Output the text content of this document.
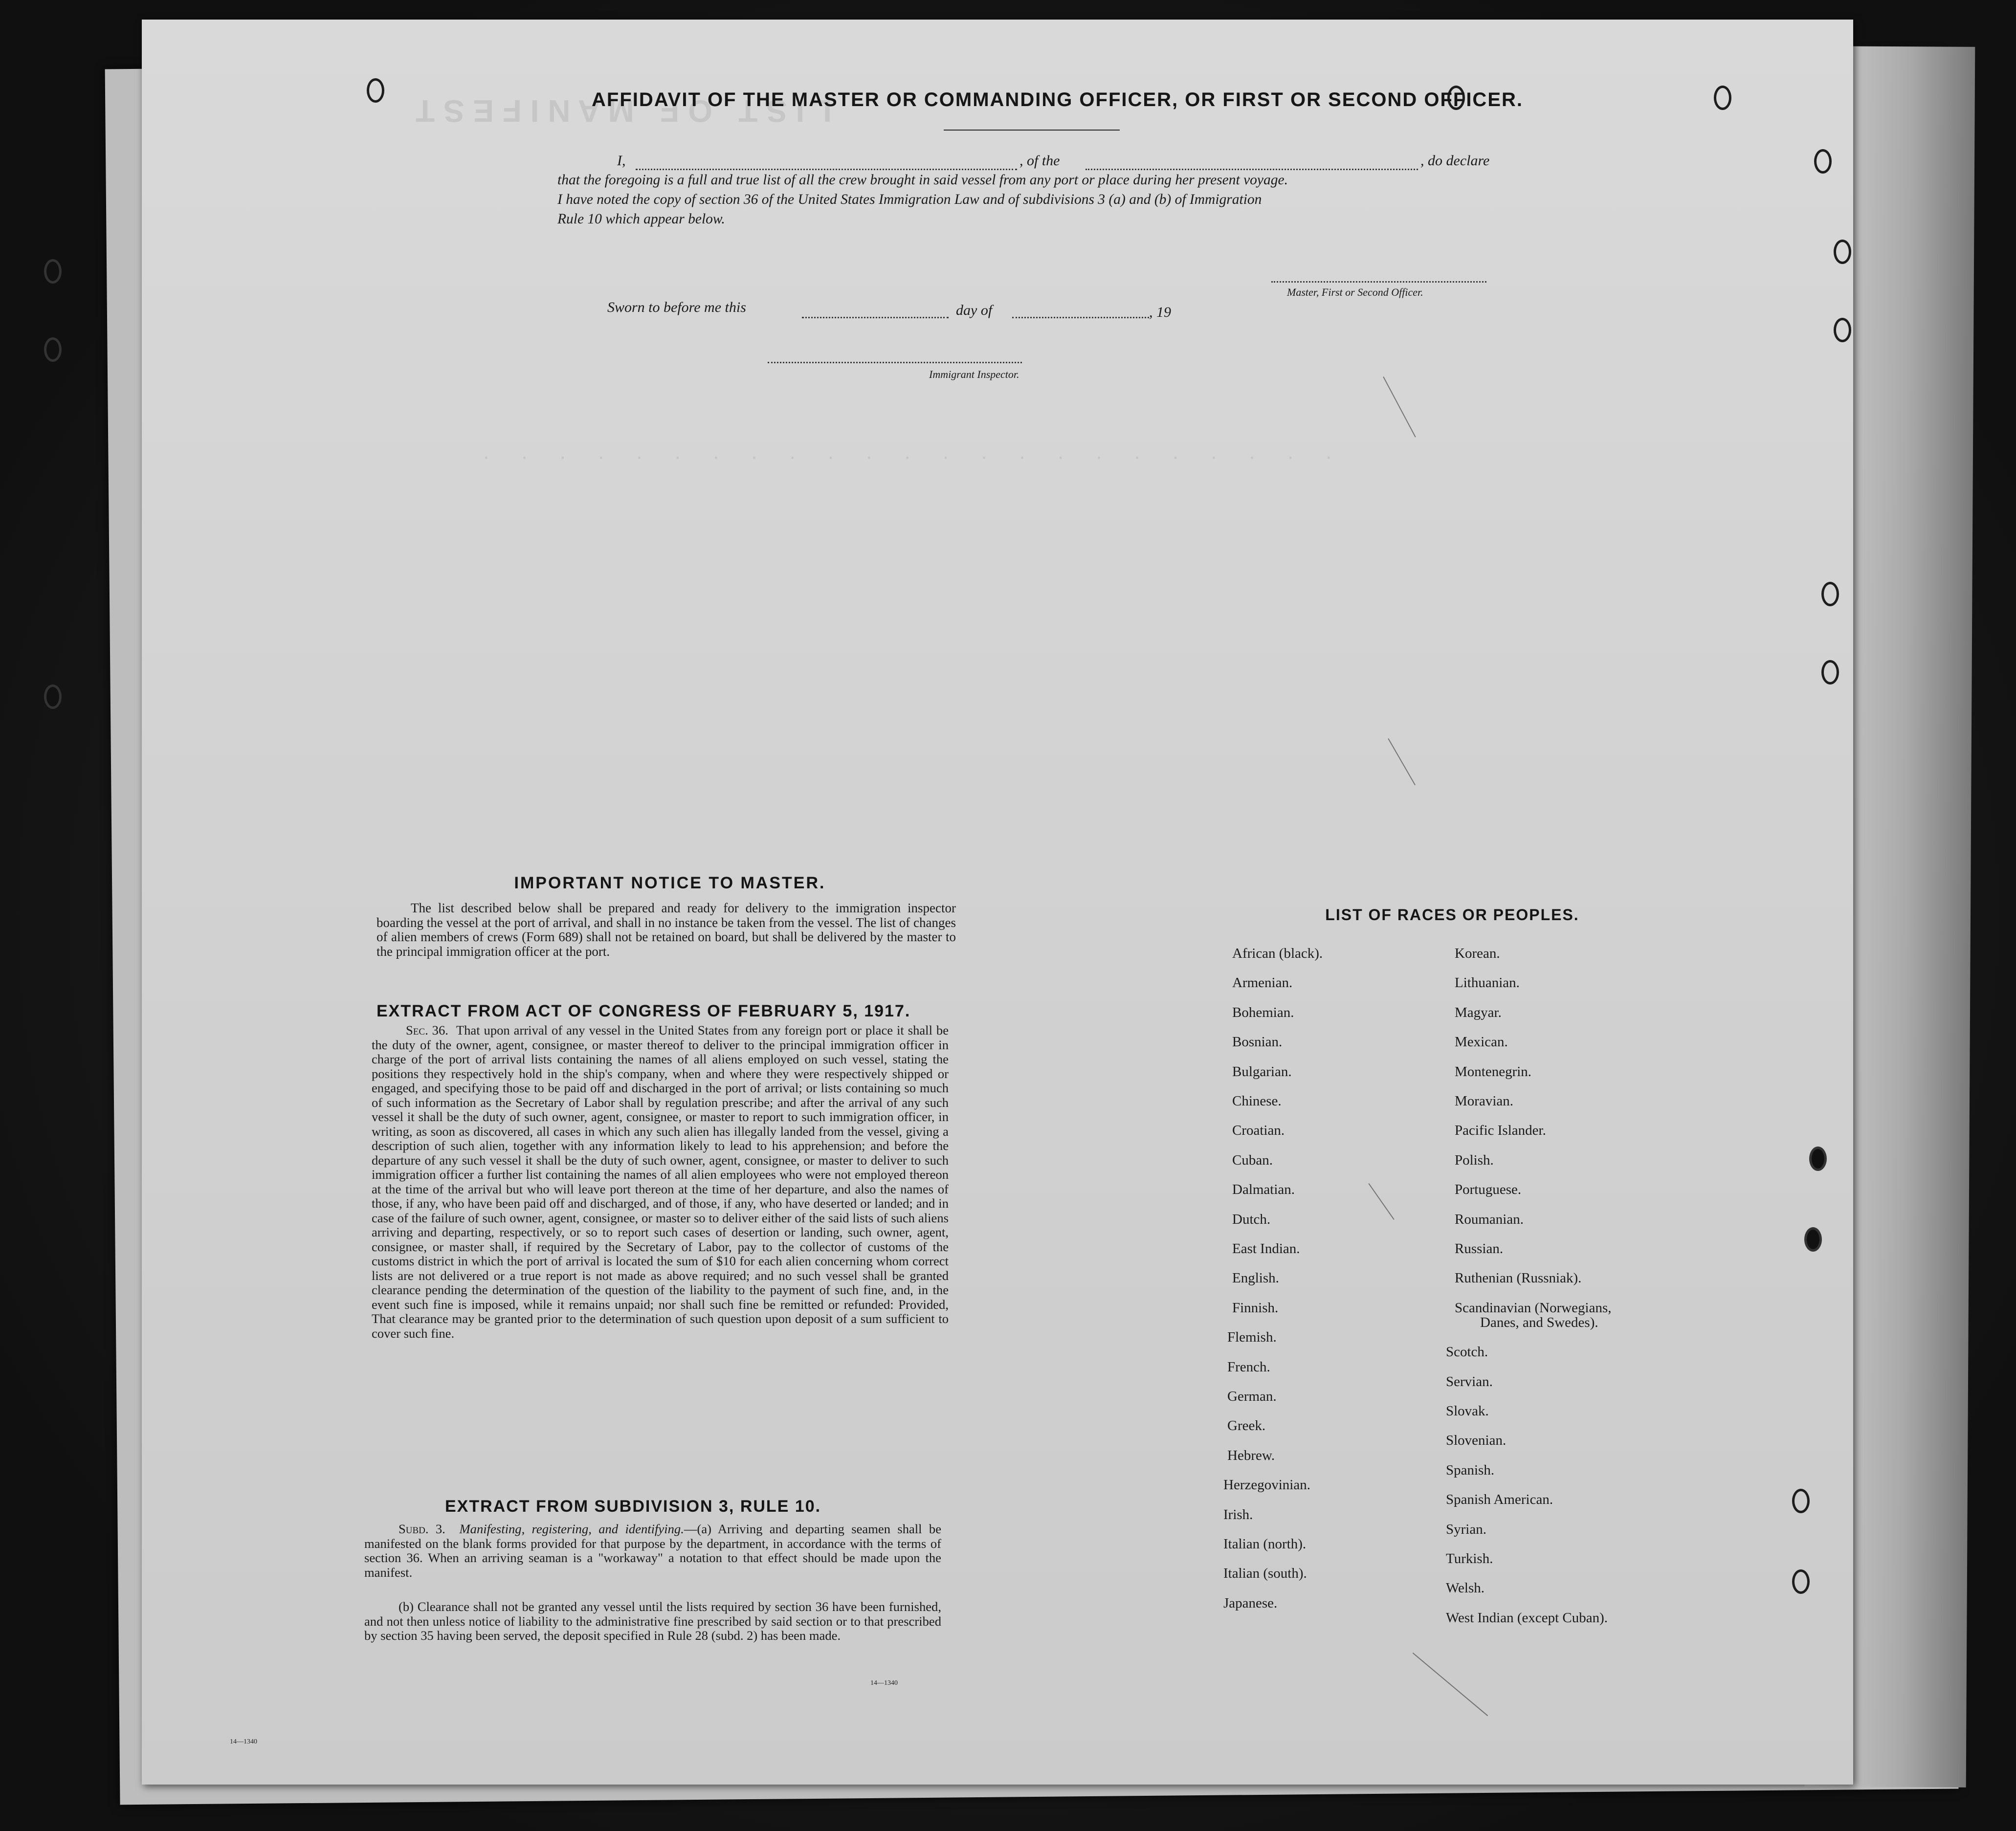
L I S T   O F   M A N I F E S T
· · · · · · · · · · · · · · · · · · · · · · ·
AFFIDAVIT OF THE MASTER OR COMMANDING OFFICER, OR FIRST OR SECOND OFFICER.
I,	, of the	, do declare
that the foregoing is a full and true list of all the crew brought in said vessel from any port or place during her present voyage.
I have noted the copy of section 36 of the United States Immigration Law and of subdivisions 3 (a) and (b) of Immigration
Rule 10 which appear below.
Master, First or Second Officer.
Sworn to before me this	day of	, 19
Immigrant Inspector.
IMPORTANT NOTICE TO MASTER.
The list described below shall be prepared and ready for delivery to the immigration inspector boarding the vessel at the port of arrival, and shall in no instance be taken from the vessel. The list of changes of alien members of crews (Form 689) shall not be retained on board, but shall be delivered by the master to the principal immigration officer at the port.
EXTRACT FROM ACT OF CONGRESS OF FEBRUARY 5, 1917.
Sec. 36. That upon arrival of any vessel in the United States from any foreign port or place it shall be the duty of the owner, agent, consignee, or master thereof to deliver to the principal immigration officer in charge of the port of arrival lists containing the names of all aliens employed on such vessel, stating the positions they respectively hold in the ship's company, when and where they were respectively shipped or engaged, and specifying those to be paid off and discharged in the port of arrival; or lists containing so much of such information as the Secretary of Labor shall by regulation prescribe; and after the arrival of any such vessel it shall be the duty of such owner, agent, consignee, or master to report to such immigration officer, in writing, as soon as discovered, all cases in which any such alien has illegally landed from the vessel, giving a description of such alien, together with any information likely to lead to his apprehension; and before the departure of any such vessel it shall be the duty of such owner, agent, consignee, or master to deliver to such immigration officer a further list containing the names of all alien employees who were not employed thereon at the time of the arrival but who will leave port thereon at the time of her departure, and also the names of those, if any, who have been paid off and discharged, and of those, if any, who have deserted or landed; and in case of the failure of such owner, agent, consignee, or master so to deliver either of the said lists of such aliens arriving and departing, respectively, or so to report such cases of desertion or landing, such owner, agent, consignee, or master shall, if required by the Secretary of Labor, pay to the collector of customs of the customs district in which the port of arrival is located the sum of $10 for each alien concerning whom correct lists are not delivered or a true report is not made as above required; and no such vessel shall be granted clearance pending the determination of the question of the liability to the payment of such fine, and, in the event such fine is imposed, while it remains unpaid; nor shall such fine be remitted or refunded: Provided, That clearance may be granted prior to the determination of such question upon deposit of a sum sufficient to cover such fine.
EXTRACT FROM SUBDIVISION 3, RULE 10.
Subd. 3. Manifesting, registering, and identifying.—(a) Arriving and departing seamen shall be manifested on the blank forms provided for that purpose by the department, in accordance with the terms of section 36. When an arriving seaman is a "workaway" a notation to that effect should be made upon the manifest.
(b) Clearance shall not be granted any vessel until the lists required by section 36 have been furnished, and not then unless notice of liability to the administrative fine prescribed by said section or to that prescribed by section 35 having been served, the deposit specified in Rule 28 (subd. 2) has been made.
14—1340
14—1340
LIST OF RACES OR PEOPLES.
African (black).
Armenian.
Bohemian.
Bosnian.
Bulgarian.
Chinese.
Croatian.
Cuban.
Dalmatian.
Dutch.
East Indian.
English.
Finnish.
Flemish.
French.
German.
Greek.
Hebrew.
Herzegovinian.
Irish.
Italian (north).
Italian (south).
Japanese.
Korean.
Lithuanian.
Magyar.
Mexican.
Montenegrin.
Moravian.
Pacific Islander.
Polish.
Portuguese.
Roumanian.
Russian.
Ruthenian (Russniak).
Scandinavian (Norwegians,
Danes, and Swedes).
Scotch.
Servian.
Slovak.
Slovenian.
Spanish.
Spanish American.
Syrian.
Turkish.
Welsh.
West Indian (except Cuban).
